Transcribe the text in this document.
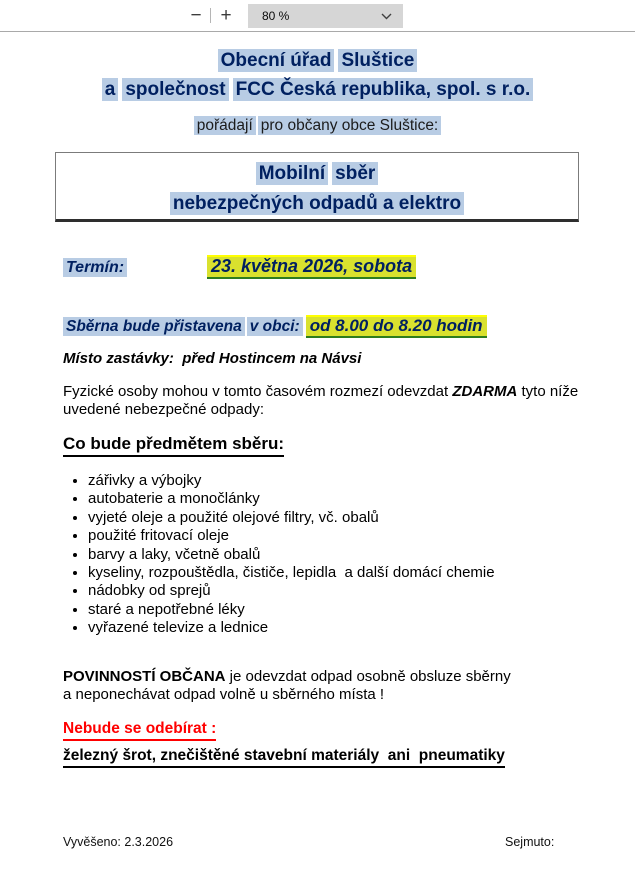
− +	80 %
Obecní úřad Sluštice
a společnost FCC Česká republika, spol. s r.o.
pořádají pro občany obce Sluštice:
Mobilní sběr
nebezpečných odpadů a elektro
Termín:	23. května 2026, sobota
Sběrna bude přistavena v obci: od 8.00 do 8.20 hodin
Místo zastávky:  před Hostincem na Návsi
Fyzické osoby mohou v tomto časovém rozmezí odevzdat ZDARMA tyto níže
uvedené nebezpečné odpady:
Co bude předmětem sběru:
• zářivky a výbojky
• autobaterie a monočlánky
• vyjeté oleje a použité olejové filtry, vč. obalů
• použité fritovací oleje
• barvy a laky, včetně obalů
• kyseliny, rozpouštědla, čističe, lepidla  a další domácí chemie
• nádobky od sprejů
• staré a nepotřebné léky
• vyřazené televize a lednice
POVINNOSTÍ OBČANA je odevzdat odpad osobně obsluze sběrny
a neponechávat odpad volně u sběrného místa !
Nebude se odebírat :
železný šrot, znečištěné stavební materiály  ani  pneumatiky
Vyvěšeno: 2.3.2026	Sejmuto:
